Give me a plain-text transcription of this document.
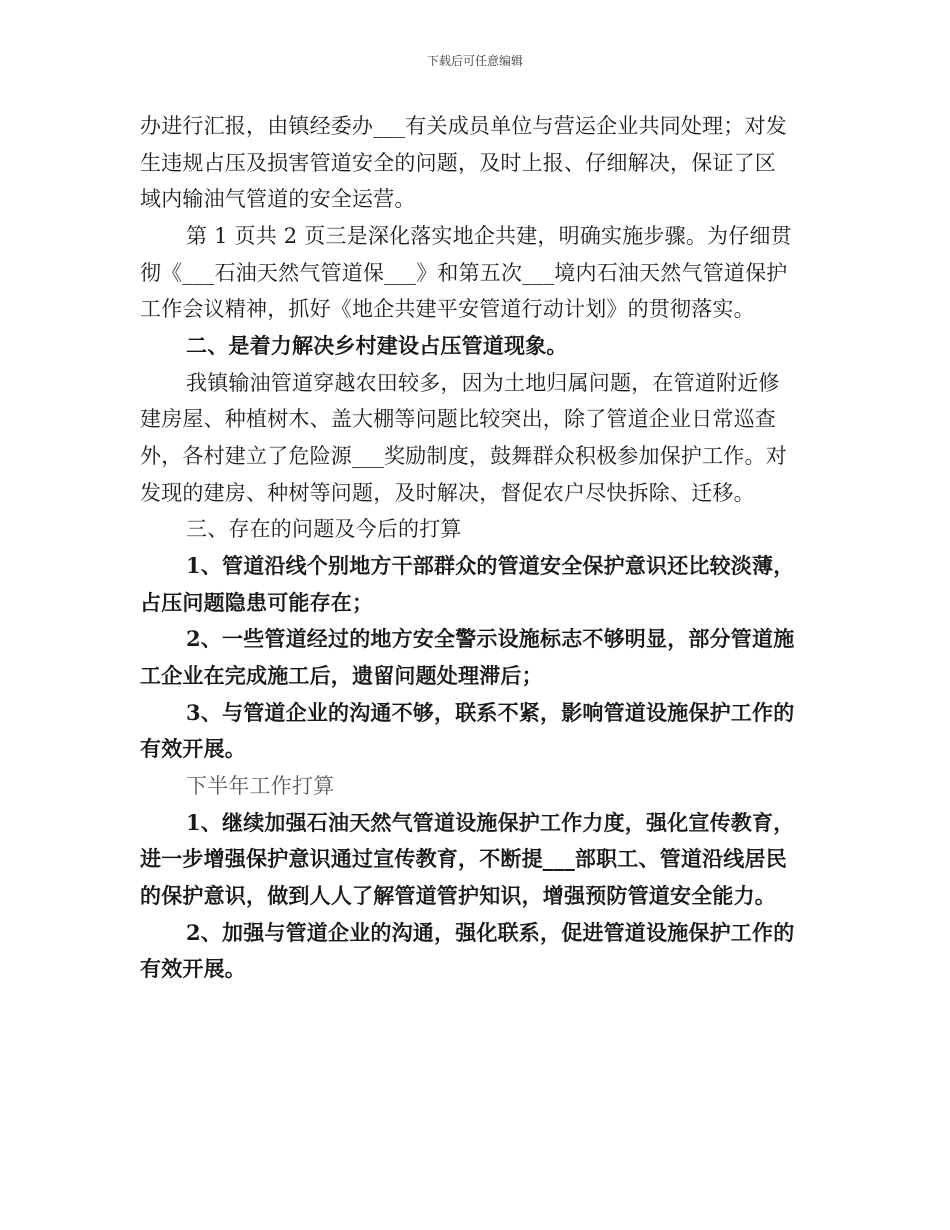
下载后可任意编辑
办进行汇报，由镇经委办___有关成员单位与营运企业共同处理；对发
生违规占压及损害管道安全的问题，及时上报、仔细解决，保证了区
域内输油气管道的安全运营。
第 1 页共 2 页三是深化落实地企共建，明确实施步骤。为仔细贯
彻《___石油天然气管道保___》和第五次___境内石油天然气管道保护
工作会议精神，抓好《地企共建平安管道行动计划》的贯彻落实。
二、是着力解决乡村建设占压管道现象。
我镇输油管道穿越农田较多，因为土地归属问题，在管道附近修
建房屋、种植树木、盖大棚等问题比较突出，除了管道企业日常巡查
外，各村建立了危险源___奖励制度，鼓舞群众积极参加保护工作。对
发现的建房、种树等问题，及时解决，督促农户尽快拆除、迁移。
三、存在的问题及今后的打算
1、管道沿线个别地方干部群众的管道安全保护意识还比较淡薄，
占压问题隐患可能存在；
2、一些管道经过的地方安全警示设施标志不够明显，部分管道施
工企业在完成施工后，遗留问题处理滞后；
3、与管道企业的沟通不够，联系不紧，影响管道设施保护工作的
有效开展。
下半年工作打算
1、继续加强石油天然气管道设施保护工作力度，强化宣传教育，
进一步增强保护意识通过宣传教育，不断提___部职工、管道沿线居民
的保护意识，做到人人了解管道管护知识，增强预防管道安全能力。
2、加强与管道企业的沟通，强化联系，促进管道设施保护工作的
有效开展。
